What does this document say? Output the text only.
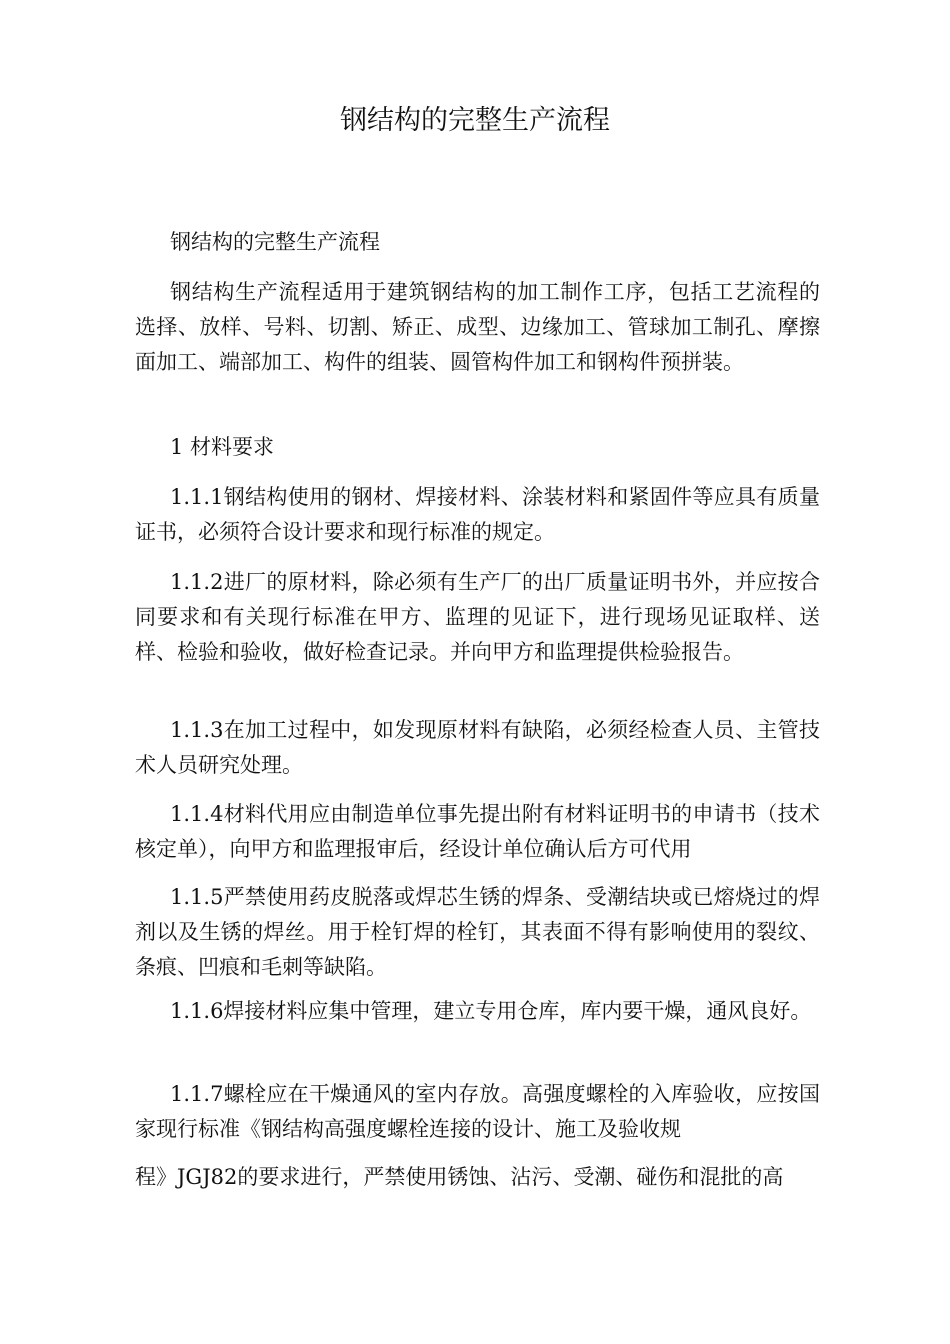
钢结构的完整生产流程

钢结构的完整生产流程

钢结构生产流程适用于建筑钢结构的加工制作工序，包括工艺流程的选择、放样、号料、切割、矫正、成型、边缘加工、管球加工制孔、摩擦面加工、端部加工、构件的组装、圆管构件加工和钢构件预拼装。

1 材料要求

1.1.1钢结构使用的钢材、焊接材料、涂装材料和紧固件等应具有质量证书，必须符合设计要求和现行标准的规定。

1.1.2进厂的原材料，除必须有生产厂的出厂质量证明书外，并应按合同要求和有关现行标准在甲方、监理的见证下，进行现场见证取样、送样、检验和验收，做好检查记录。并向甲方和监理提供检验报告。

1.1.3在加工过程中，如发现原材料有缺陷，必须经检查人员、主管技术人员研究处理。

1.1.4材料代用应由制造单位事先提出附有材料证明书的申请书（技术核定单），向甲方和监理报审后，经设计单位确认后方可代用

1.1.5严禁使用药皮脱落或焊芯生锈的焊条、受潮结块或已熔烧过的焊剂以及生锈的焊丝。用于栓钉焊的栓钉，其表面不得有影响使用的裂纹、条痕、凹痕和毛刺等缺陷。

1.1.6焊接材料应集中管理，建立专用仓库，库内要干燥，通风良好。

1.1.7螺栓应在干燥通风的室内存放。高强度螺栓的入库验收，应按国家现行标准《钢结构高强度螺栓连接的设计、施工及验收规

程》JGJ82的要求进行，严禁使用锈蚀、沾污、受潮、碰伤和混批的高
